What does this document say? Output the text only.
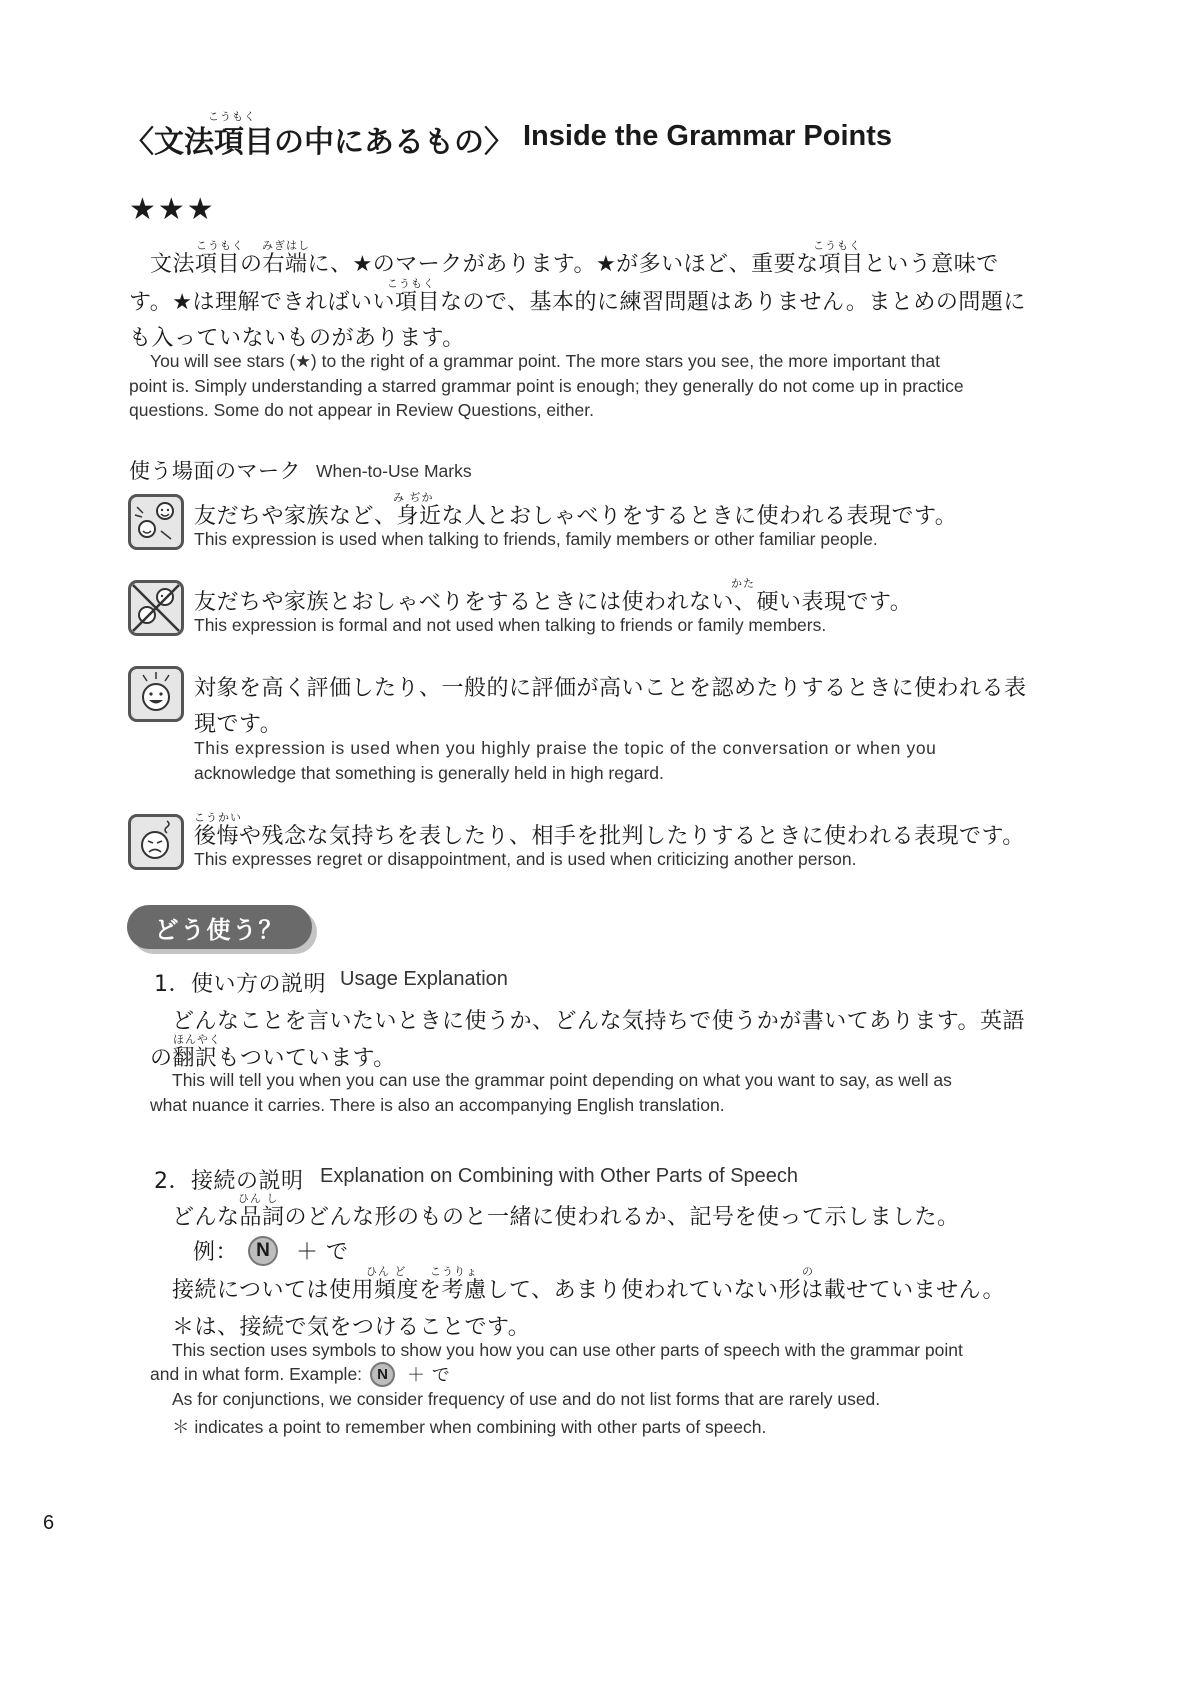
こうもく
〈文法項目の中にあるもの〉 Inside the Grammar Points
★★★
こうもく みぎはし	こうもく
文法項目の右端に、★のマークがあります。★が多いほど、重要な項目という意味で
こうもく
す。★は理解できればいい項目なので、基本的に練習問題はありません。まとめの問題に
も入っていないものがあります。
You will see stars (★) to the right of a grammar point. The more stars you see, the more important that
point is. Simply understanding a starred grammar point is enough; they generally do not come up in practice
questions. Some do not appear in Review Questions, either.
使う場面のマーク When-to-Use Marks
み ぢか
友だちや家族など、身近な人とおしゃべりをするときに使われる表現です。
This expression is used when talking to friends, family members or other familiar people.
かた
友だちや家族とおしゃべりをするときには使われない、硬い表現です。
This expression is formal and not used when talking to friends or family members.
対象を高く評価したり、一般的に評価が高いことを認めたりするときに使われる表
現です。
This expression is used when you highly praise the topic of the conversation or when you
acknowledge that something is generally held in high regard.
こうかい
後悔や残念な気持ちを表したり、相手を批判したりするときに使われる表現です。
This expresses regret or disappointment, and is used when criticizing another person.
どう使う？
1．使い方の説明 Usage Explanation
どんなことを言いたいときに使うか、どんな気持ちで使うかが書いてあります。英語
ほんやく
の翻訳もついています。
This will tell you when you can use the grammar point depending on what you want to say, as well as
what nuance it carries. There is also an accompanying English translation.
2．接続の説明 Explanation on Combining with Other Parts of Speech
ひん し
どんな品詞のどんな形のものと一緒に使われるか、記号を使って示しました。
例： N	＋ で
ひん ど こうりょ	の
接続については使用頻度を考慮して、あまり使われていない形は載せていません。
＊は、接続で気をつけることです。
This section uses symbols to show you how you can use other parts of speech with the grammar point
and in what form. Example:	N	＋ で
As for conjunctions, we consider frequency of use and do not list forms that are rarely used.
＊ indicates a point to remember when combining with other parts of speech.
6
